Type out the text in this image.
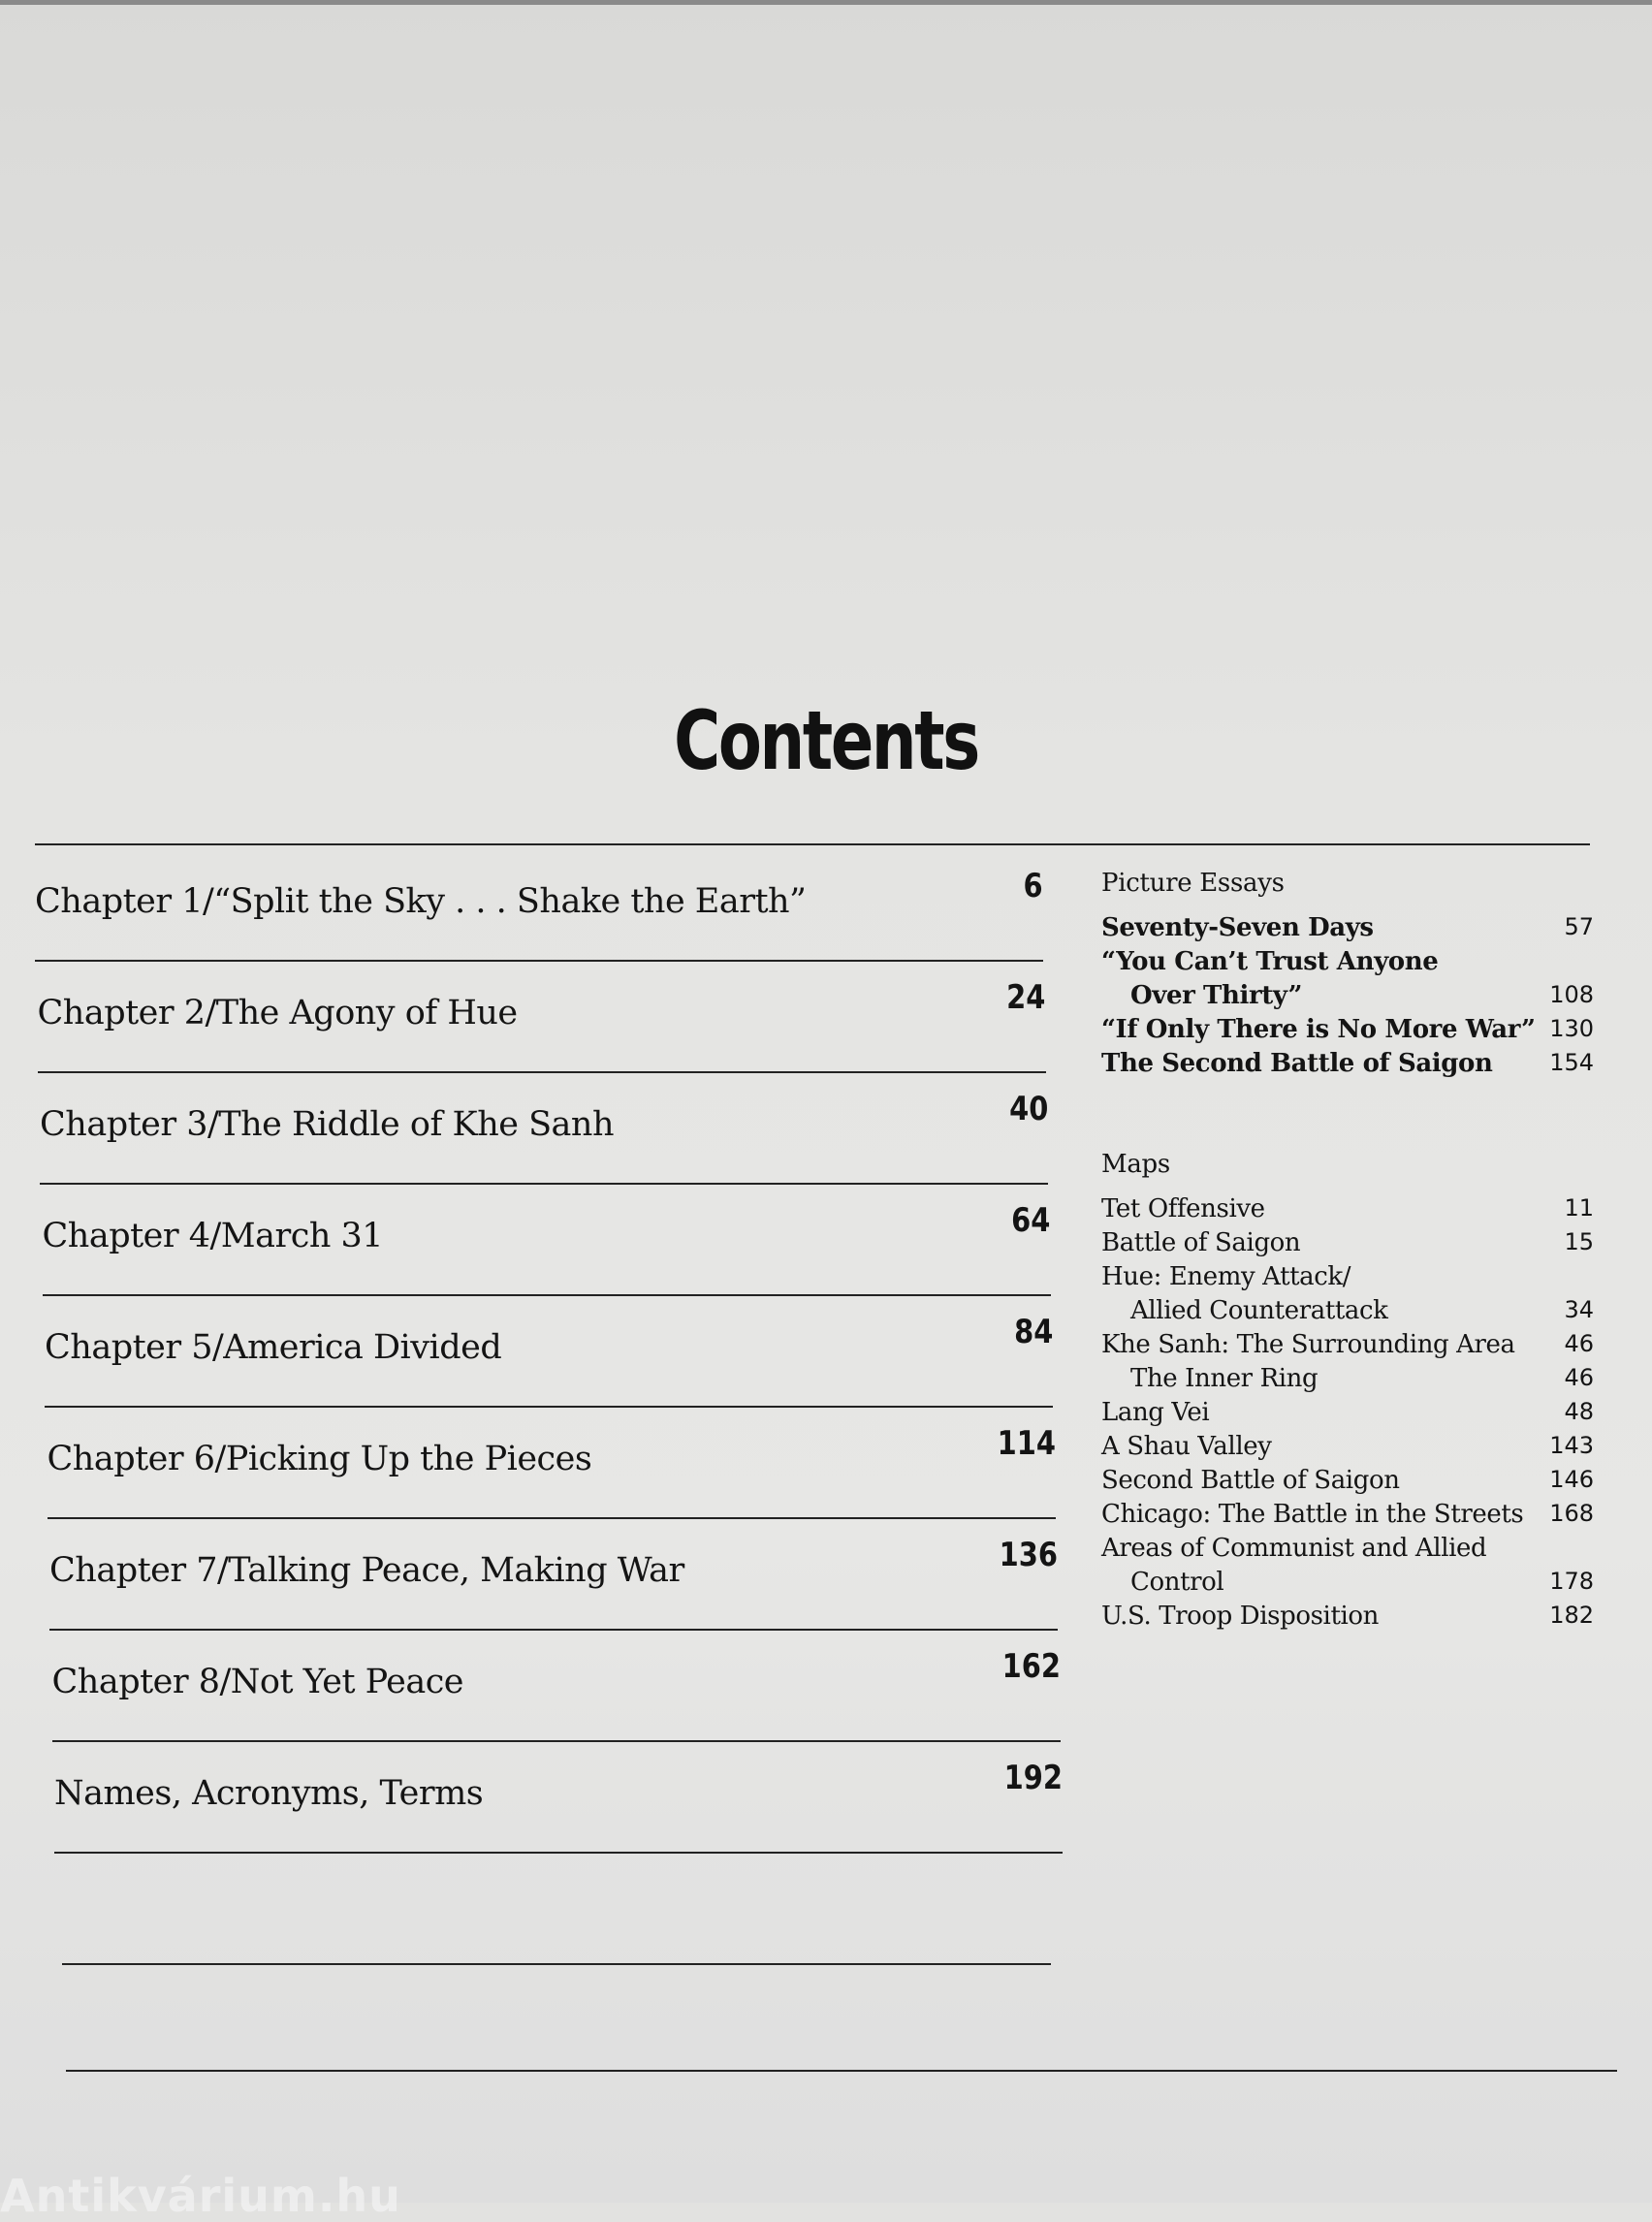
Contents
Chapter 1/“Split the Sky . . . Shake the Earth”	6
Chapter 2/The Agony of Hue	24
Chapter 3/The Riddle of Khe Sanh	40
Chapter 4/March 31	64
Chapter 5/America Divided	84
Chapter 6/Picking Up the Pieces	114
Chapter 7/Talking Peace, Making War	136
Chapter 8/Not Yet Peace	162
Names, Acronyms, Terms	192
Picture Essays
Seventy-Seven Days	57
“You Can’t Trust Anyone
Over Thirty”	108
“If Only There is No More War” 130
The Second Battle of Saigon 154
Maps
Tet Offensive	11
Battle of Saigon	15
Hue: Enemy Attack/
Allied Counterattack	34
Khe Sanh: The Surrounding Area 46
The Inner Ring	46
Lang Vei	48
A Shau Valley	143
Second Battle of Saigon	146
Chicago: The Battle in the Streets 168
Areas of Communist and Allied
Control	178
U.S. Troop Disposition	182
Antikvárium.hu
